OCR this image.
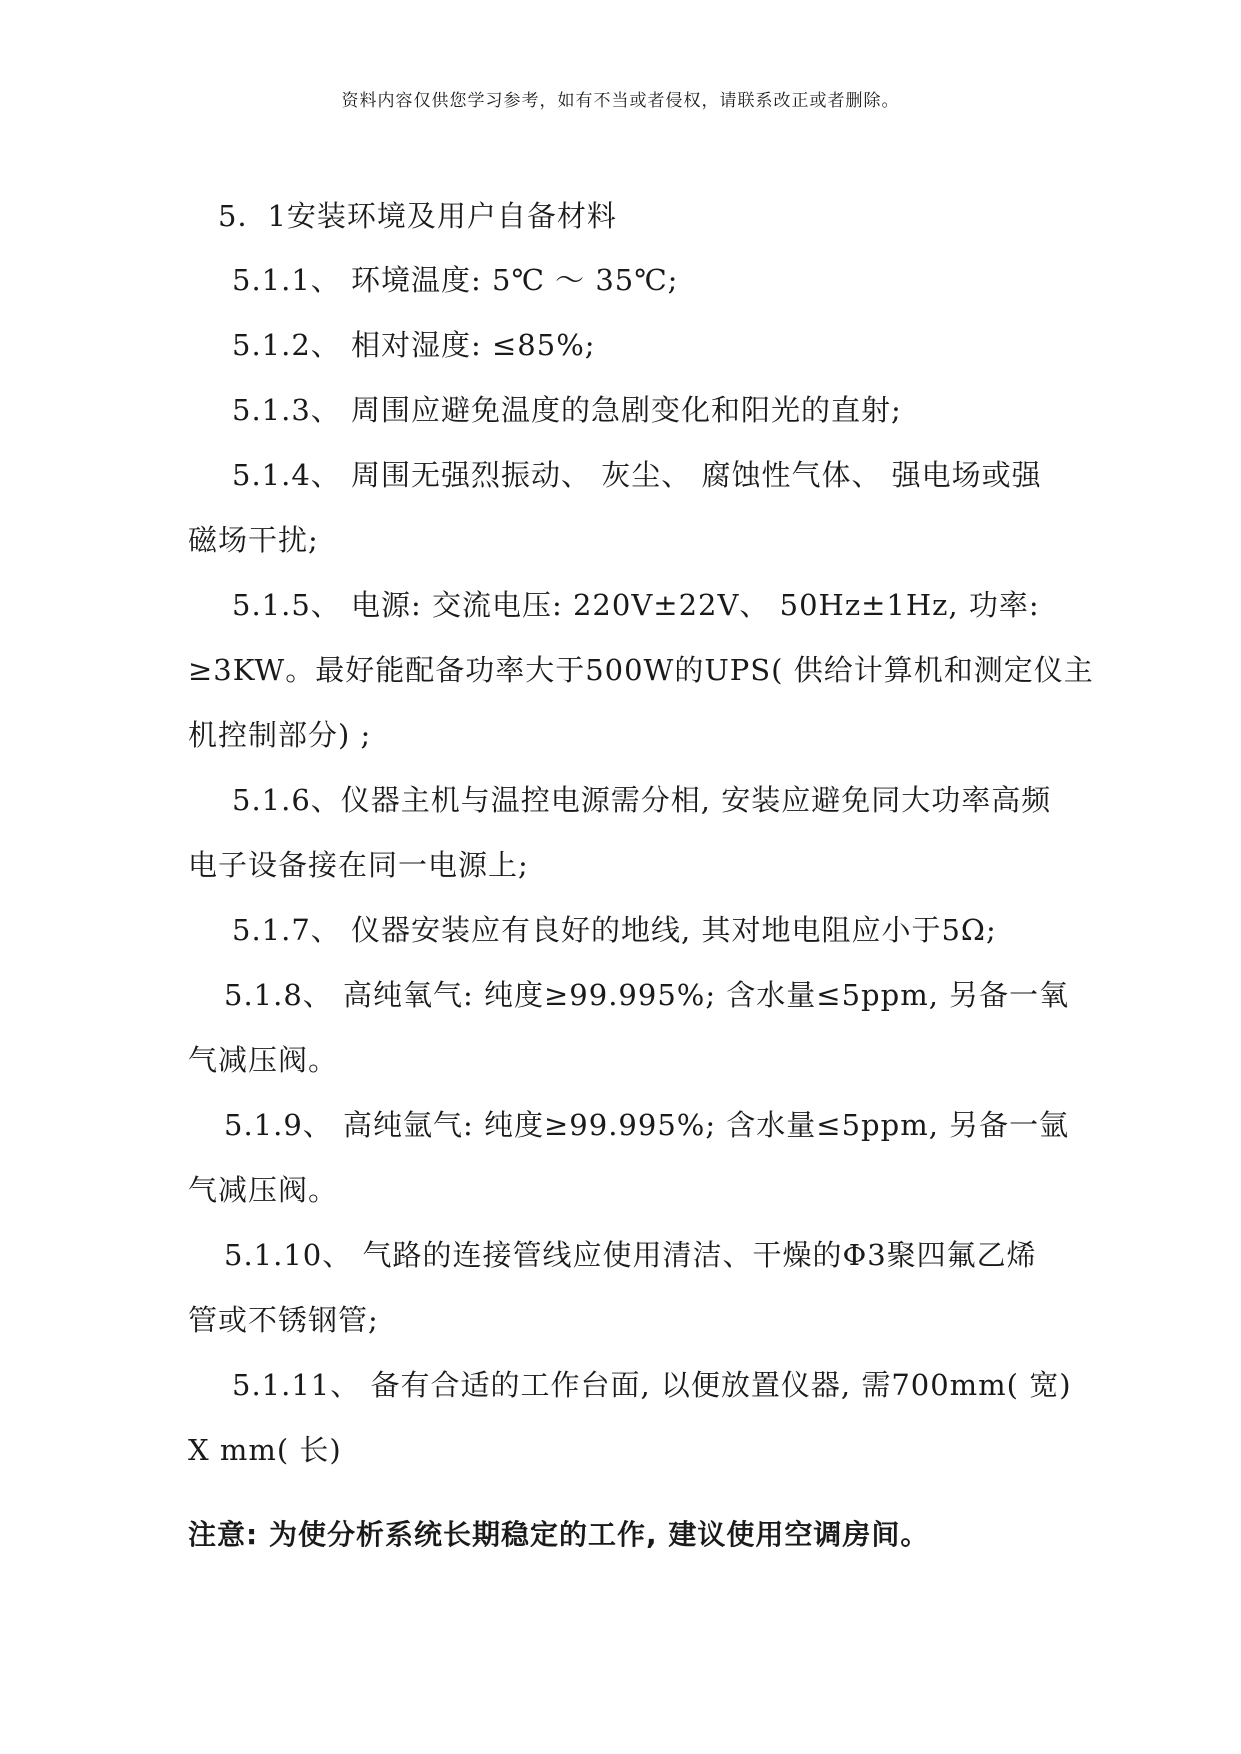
资料内容仅供您学习参考，如有不当或者侵权，请联系改正或者删除。
5．1安装环境及用户自备材料
5.1.1、 环境温度: 5℃ ～ 35℃;
5.1.2、 相对湿度: ≤85%;
5.1.3、 周围应避免温度的急剧变化和阳光的直射;
5.1.4、 周围无强烈振动、 灰尘、 腐蚀性气体、 强电场或强
磁场干扰;
5.1.5、 电源: 交流电压: 220V±22V、 50Hz±1Hz, 功率:
≥3KW。最好能配备功率大于500W的UPS( 供给计算机和测定仪主
机控制部分) ;
5.1.6、仪器主机与温控电源需分相, 安装应避免同大功率高频
电子设备接在同一电源上;
5.1.7、 仪器安装应有良好的地线, 其对地电阻应小于5Ω;
5.1.8、 高纯氧气: 纯度≥99.995%; 含水量≤5ppm, 另备一氧
气减压阀。
5.1.9、 高纯氩气: 纯度≥99.995%; 含水量≤5ppm, 另备一氩
气减压阀。
5.1.10、 气路的连接管线应使用清洁、干燥的Φ3聚四氟乙烯
管或不锈钢管;
5.1.11、 备有合适的工作台面, 以便放置仪器, 需700mm( 宽)
X mm( 长)
注意: 为使分析系统长期稳定的工作, 建议使用空调房间。
